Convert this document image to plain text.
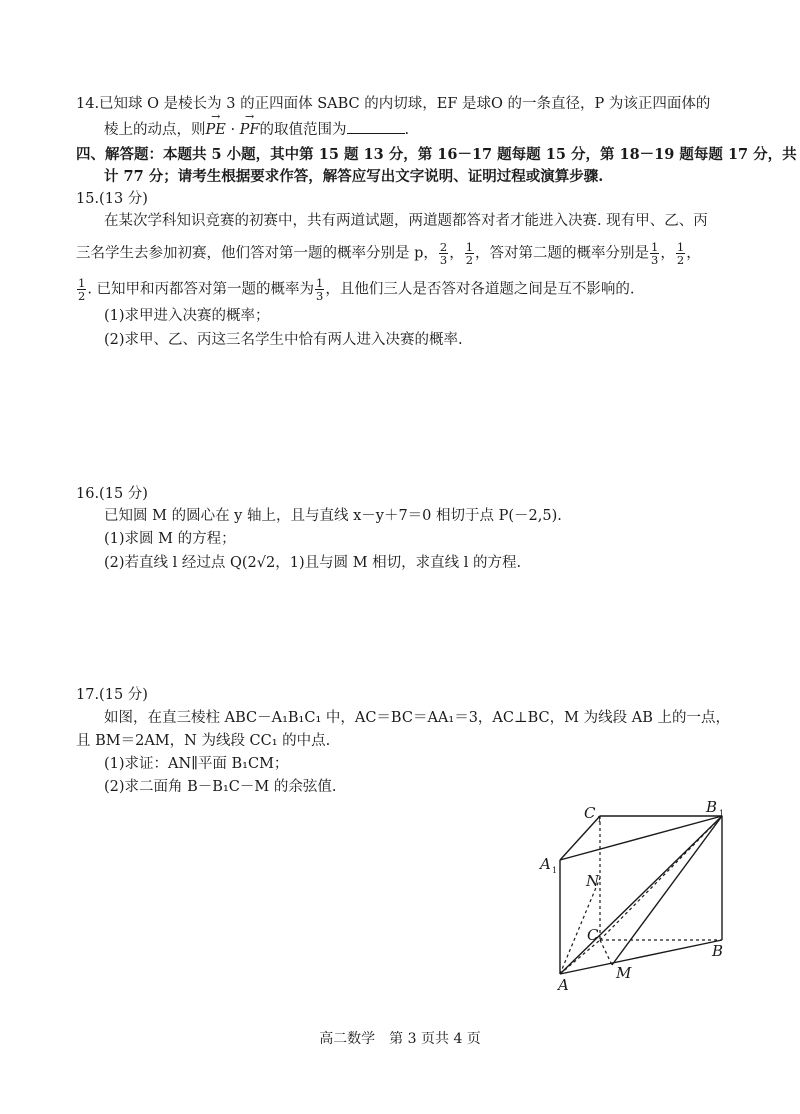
14.已知球 O 是棱长为 3 的正四面体 SABC 的内切球，EF 是球O 的一条直径，P 为该正四面体的
棱上的动点，则→ PE · → PF的取值范围为	.
四、解答题：本题共 5 小题，其中第 15 题 13 分，第 16－17 题每题 15 分，第 18－19 题每题 17 分，共
计 77 分；请考生根据要求作答，解答应写出文字说明、证明过程或演算步骤.
15.(13 分)
在某次学科知识竞赛的初赛中，共有两道试题，两道题都答对者才能进入决赛. 现有甲、乙、丙
三名学生去参加初赛，他们答对第一题的概率分别是 p， $\frac{2}{3}$ ， $\frac{1}{2}$ ，答对第二题的概率分别是 $\frac{1}{3}$ ， $\frac{1}{2}$ ，
$\frac{1}{2}$ . 已知甲和丙都答对第一题的概率为 $\frac{1}{3}$ ，且他们三人是否答对各道题之间是互不影响的.
(1)求甲进入决赛的概率；
(2)求甲、乙、丙这三名学生中恰有两人进入决赛的概率.
16.(15 分)
已知圆 M 的圆心在 y 轴上，且与直线 x－y＋7＝0 相切于点 P(－2,5).
(1)求圆 M 的方程；
(2)若直线 l 经过点 Q(2√2，1)且与圆 M 相切，求直线 l 的方程.
17.(15 分)
如图，在直三棱柱 ABC－A₁B₁C₁ 中，AC＝BC＝AA₁＝3，AC⊥BC，M 为线段 AB 上的一点，
且 BM＝2AM，N 为线段 CC₁ 的中点.
(1)求证：AN∥平面 B₁CM；
(2)求二面角 B－B₁C－M 的余弦值.
C 1
B 1
A 1
N
C
B
A
M
高二数学　第 3 页共 4 页
